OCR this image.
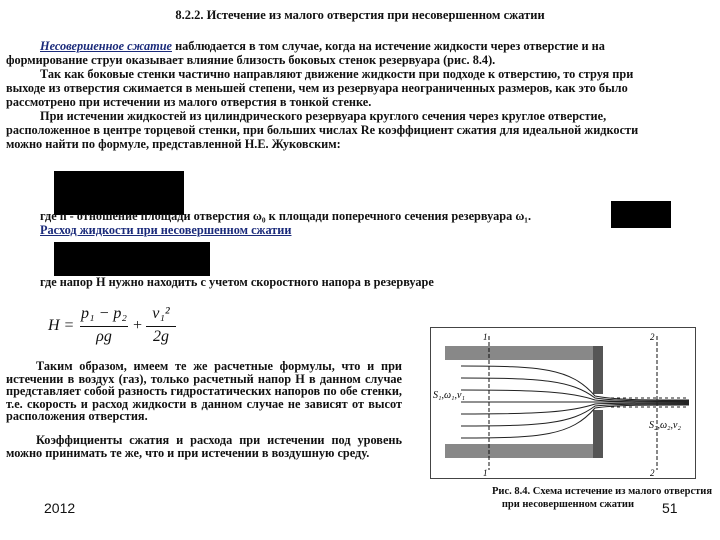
8.2.2. Истечение из малого отверстия при несовершенном сжатии
Несовершенное сжатие наблюдается в том случае, когда на истечение жидкости через отверстие и на
формирование струи оказывает влияние близость боковых стенок резервуара (рис. 8.4).
Так как боковые стенки частично направляют движение жидкости при подходе к отверстию, то струя при
выходе из отверстия сжимается в меньшей степени, чем из резервуара неограниченных размеров, как это было
рассмотрено при истечении из малого отверстия в тонкой стенке.
При истечении жидкостей из цилиндрического резервуара круглого сечения через круглое отверстие,
расположенное в центре торцевой стенки, при больших числах Re коэффициент сжатия для идеальной жидкости
можно найти по формуле, представленной Н.Е. Жуковским:
где n - отношение площади отверстия ω₀ к площади поперечного сечения резервуара ω₁.
Расход жидкости при несовершенном сжатии
где напор H нужно находить с учетом скоростного напора в резервуаре
H =
p₁ − p₂
ρg
+
v₁²
2g
Таким образом, имеем те же расчетные формулы, что и при истечении в воздух (газ), только расчетный напор H в данном случае представляет собой разность гидростатических напоров по обе стенки, т.е. скорость и расход жидкости в данном случае не зависят от высот расположения отверстия.
Коэффициенты сжатия и расхода при истечении под уровень можно принимать те же, что и при истечении в воздушную среду.
S₁,ω₁,v₁
S₂,ω₂,v₂
1	2
1	2
Рис. 8.4. Схема истечение из малого отверстия
при несовершенном сжатии
2012	51
